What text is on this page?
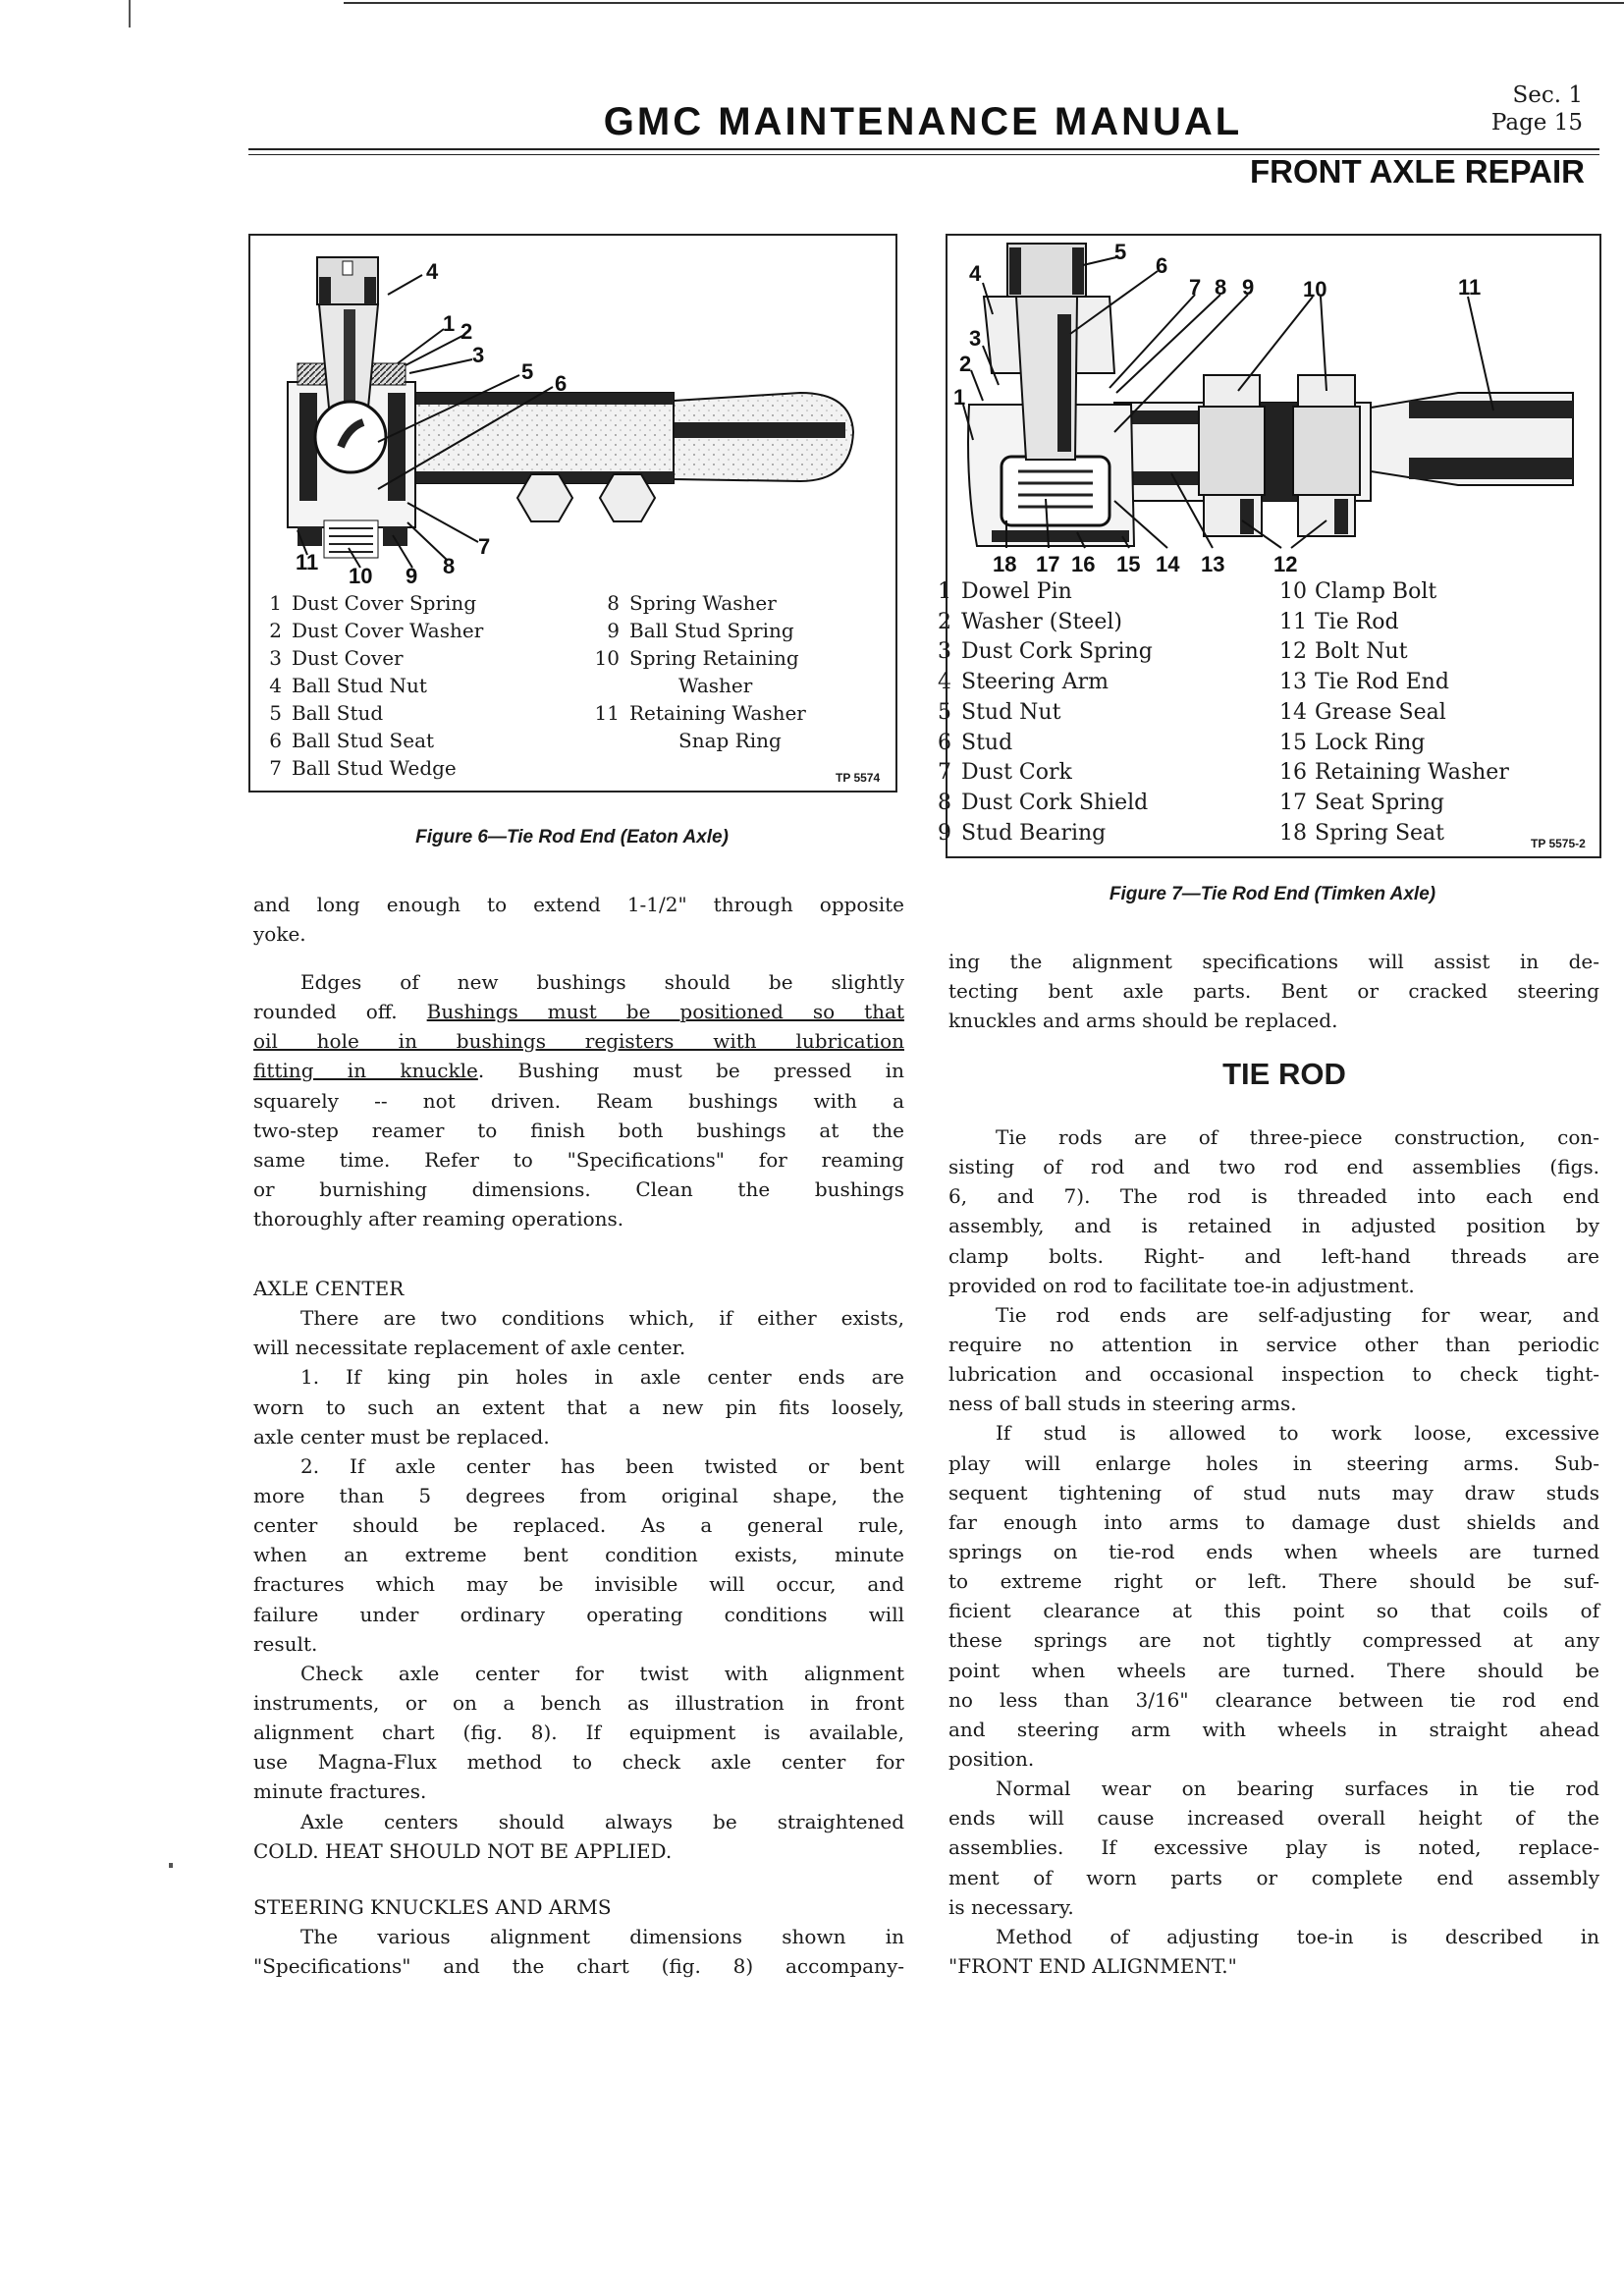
GMC MAINTENANCE MANUAL
Sec. 1
Page 15
FRONT AXLE REPAIR
4
1 2
3
5 6
7
8
9
10
11
1 Dust Cover Spring
2 Dust Cover Washer
3 Dust Cover
4 Ball Stud Nut
5 Ball Stud
6 Ball Stud Seat
7 Ball Stud Wedge
8 Spring Washer
9 Ball Stud Spring
10 Spring Retaining
Washer
11 Retaining Washer
Snap Ring
TP 5574
Figure 6—Tie Rod End (Eaton Axle)
5
6
4
7 8 9 10	11
3
2
1
18 17 16 15 14 13 12
1 Dowel Pin
2 Washer (Steel)
3 Dust Cork Spring
4 Steering Arm
5 Stud Nut
6 Stud
7 Dust Cork
8 Dust Cork Shield
9 Stud Bearing
10 Clamp Bolt
11 Tie Rod
12 Bolt Nut
13 Tie Rod End
14 Grease Seal
15 Lock Ring
16 Retaining Washer
17 Seat Spring
18 Spring Seat	TP 5575-2
Figure 7—Tie Rod End (Timken Axle)
and long enough to extend 1-1/2" through opposite
yoke.
Edges of new bushings should be slightly
rounded off. Bushings must be positioned so that
oil hole in bushings registers with lubrication
fitting in knuckle. Bushing must be pressed in
squarely -- not driven. Ream bushings with a
two-step reamer to finish both bushings at the
same time. Refer to "Specifications" for reaming
or burnishing dimensions. Clean the bushings
thoroughly after reaming operations.
AXLE CENTER
There are two conditions which, if either exists,
will necessitate replacement of axle center.
1. If king pin holes in axle center ends are
worn to such an extent that a new pin fits loosely,
axle center must be replaced.
2. If axle center has been twisted or bent
more than 5 degrees from original shape, the
center should be replaced. As a general rule,
when an extreme bent condition exists, minute
fractures which may be invisible will occur, and
failure under ordinary operating conditions will
result.
Check axle center for twist with alignment
instruments, or on a bench as illustration in front
alignment chart (fig. 8). If equipment is available,
use Magna-Flux method to check axle center for
minute fractures.
Axle centers should always be straightened
COLD. HEAT SHOULD NOT BE APPLIED.
STEERING KNUCKLES AND ARMS
The various alignment dimensions shown in
"Specifications" and the chart (fig. 8) accompany-
ing the alignment specifications will assist in de-
tecting bent axle parts. Bent or cracked steering
knuckles and arms should be replaced.
TIE ROD
Tie rods are of three-piece construction, con-
sisting of rod and two rod end assemblies (figs.
6, and 7). The rod is threaded into each end
assembly, and is retained in adjusted position by
clamp bolts. Right- and left-hand threads are
provided on rod to facilitate toe-in adjustment.
Tie rod ends are self-adjusting for wear, and
require no attention in service other than periodic
lubrication and occasional inspection to check tight-
ness of ball studs in steering arms.
If stud is allowed to work loose, excessive
play will enlarge holes in steering arms. Sub-
sequent tightening of stud nuts may draw studs
far enough into arms to damage dust shields and
springs on tie-rod ends when wheels are turned
to extreme right or left. There should be suf-
ficient clearance at this point so that coils of
these springs are not tightly compressed at any
point when wheels are turned. There should be
no less than 3/16" clearance between tie rod end
and steering arm with wheels in straight ahead
position.
Normal wear on bearing surfaces in tie rod
ends will cause increased overall height of the
assemblies. If excessive play is noted, replace-
ment of worn parts or complete end assembly
is necessary.
Method of adjusting toe-in is described in
"FRONT END ALIGNMENT."
